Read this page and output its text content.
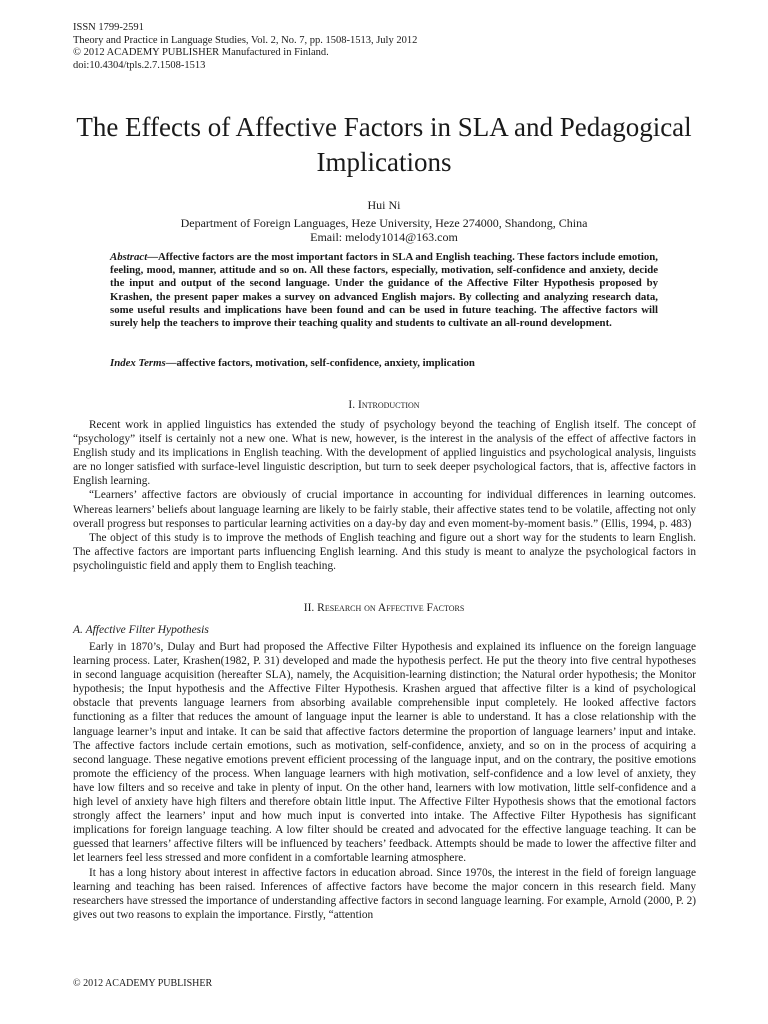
ISSN 1799-2591
Theory and Practice in Language Studies, Vol. 2, No. 7, pp. 1508-1513, July 2012
© 2012 ACADEMY PUBLISHER Manufactured in Finland.
doi:10.4304/tpls.2.7.1508-1513
The Effects of Affective Factors in SLA and Pedagogical Implications
Hui Ni
Department of Foreign Languages, Heze University, Heze 274000, Shandong, China
Email: melody1014@163.com
Abstract—Affective factors are the most important factors in SLA and English teaching. These factors include emotion, feeling, mood, manner, attitude and so on. All these factors, especially, motivation, self-confidence and anxiety, decide the input and output of the second language. Under the guidance of the Affective Filter Hypothesis proposed by Krashen, the present paper makes a survey on advanced English majors. By collecting and analyzing research data, some useful results and implications have been found and can be used in future teaching. The affective factors will surely help the teachers to improve their teaching quality and students to cultivate an all-round development.
Index Terms—affective factors, motivation, self-confidence, anxiety, implication
I. Introduction

Recent work in applied linguistics has extended the study of psychology beyond the teaching of English itself. The concept of “psychology” itself is certainly not a new one. What is new, however, is the interest in the analysis of the effect of affective factors in English study and its implications in English teaching. With the development of applied linguistics and psychological analysis, linguists are no longer satisfied with surface-level linguistic description, but turn to seek deeper psychological factors, that is, affective factors in English learning.

“Learners’ affective factors are obviously of crucial importance in accounting for individual differences in learning outcomes. Whereas learners’ beliefs about language learning are likely to be fairly stable, their affective states tend to be volatile, affecting not only overall progress but responses to particular learning activities on a day-by day and even moment-by-moment basis.” (Ellis, 1994, p. 483)

The object of this study is to improve the methods of English teaching and figure out a short way for the students to learn English. The affective factors are important parts influencing English learning. And this study is meant to analyze the psychological factors in psycholinguistic field and apply them to English teaching.

II. Research on Affective Factors
A. Affective Filter Hypothesis

Early in 1870’s, Dulay and Burt had proposed the Affective Filter Hypothesis and explained its influence on the foreign language learning process. Later, Krashen(1982, P. 31) developed and made the hypothesis perfect. He put the theory into five central hypotheses in second language acquisition (hereafter SLA), namely, the Acquisition-learning distinction; the Natural order hypothesis; the Monitor hypothesis; the Input hypothesis and the Affective Filter Hypothesis. Krashen argued that affective filter is a kind of psychological obstacle that prevents language learners from absorbing available comprehensible input completely. He looked affective factors functioning as a filter that reduces the amount of language input the learner is able to understand. It has a close relationship with the language learner’s input and intake. It can be said that affective factors determine the proportion of language learners’ input and intake. The affective factors include certain emotions, such as motivation, self-confidence, anxiety, and so on in the process of acquiring a second language. These negative emotions prevent efficient processing of the language input, and on the contrary, the positive emotions promote the efficiency of the process. When language learners with high motivation, self-confidence and a low level of anxiety, they have low filters and so receive and take in plenty of input. On the other hand, learners with low motivation, little self-confidence and a high level of anxiety have high filters and therefore obtain little input. The Affective Filter Hypothesis shows that the emotional factors strongly affect the learners’ input and how much input is converted into intake. The Affective Filter Hypothesis has significant implications for foreign language teaching. A low filter should be created and advocated for the effective language teaching. It can be guessed that learners’ affective filters will be influenced by teachers’ feedback. Attempts should be made to lower the affective filter and let learners feel less stressed and more confident in a comfortable learning atmosphere.

It has a long history about interest in affective factors in education abroad. Since 1970s, the interest in the field of foreign language learning and teaching has been raised. Inferences of affective factors have become the major concern in this research field. Many researchers have stressed the importance of understanding affective factors in second language learning. For example, Arnold (2000, P. 2) gives out two reasons to explain the importance. Firstly, “attention

© 2012 ACADEMY PUBLISHER
